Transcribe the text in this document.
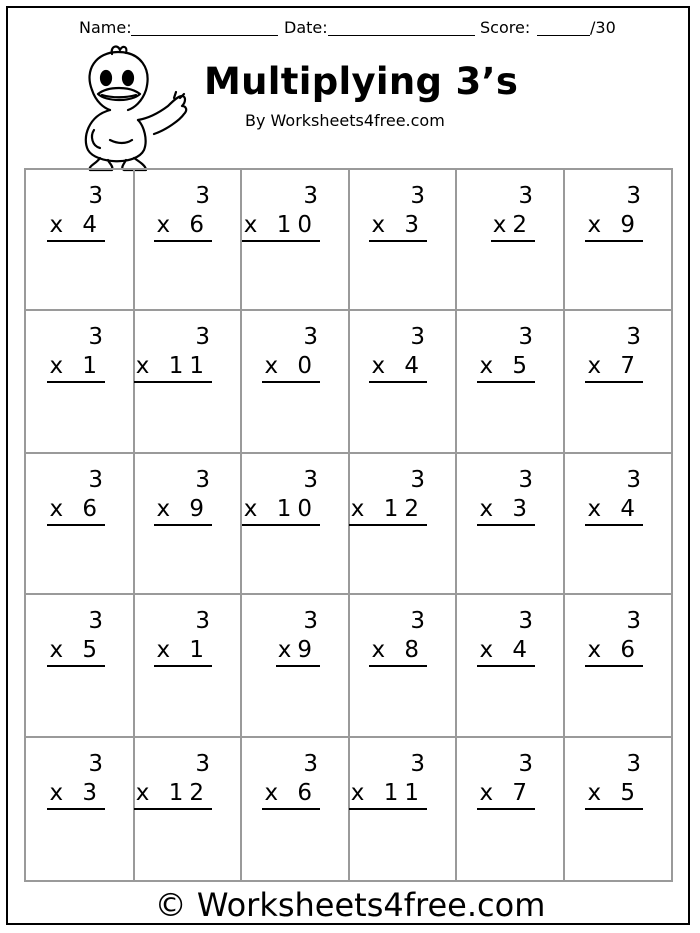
Name:	Date:	Score:	/30
Multiplying 3’s
By Worksheets4free.com
3
x 4
3
x 6
3
x 10
3
x 3
3
x2
3
x 9
3
x 1
3
x 11
3
x 0
3
x 4
3
x 5
3
x 7
3
x 6
3
x 9
3
x 10
3
x 12
3
x 3
3
x 4
3
x 5
3
x 1
3
x9
3
x 8
3
x 4
3
x 6
3
x 3
3
x 12
3
x 6
3
x 11
3
x 7
3
x 5
© Worksheets4free.com
